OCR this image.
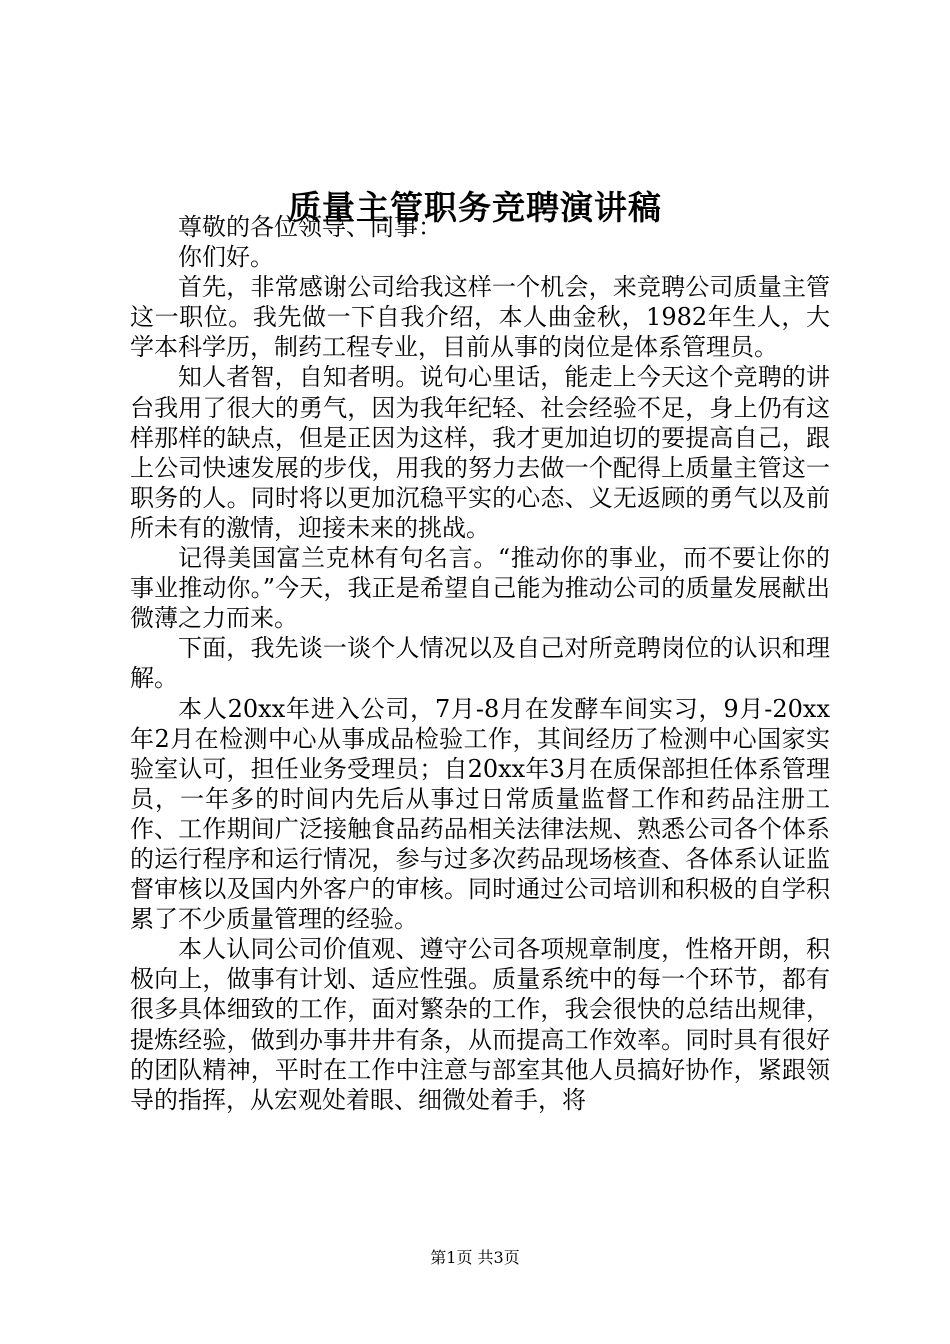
质量主管职务竞聘演讲稿

尊敬的各位领导、同事：

你们好。

首先，非常感谢公司给我这样一个机会，来竞聘公司质量主管这一职位。我先做一下自我介绍，本人曲金秋，1982年生人，大学本科学历，制药工程专业，目前从事的岗位是体系管理员。

知人者智，自知者明。说句心里话，能走上今天这个竞聘的讲台我用了很大的勇气，因为我年纪轻、社会经验不足，身上仍有这样那样的缺点，但是正因为这样，我才更加迫切的要提高自己，跟上公司快速发展的步伐，用我的努力去做一个配得上质量主管这一职务的人。同时将以更加沉稳平实的心态、义无返顾的勇气以及前所未有的激情，迎接未来的挑战。

记得美国富兰克林有句名言。“推动你的事业，而不要让你的事业推动你。”今天，我正是希望自己能为推动公司的质量发展献出微薄之力而来。

下面，我先谈一谈个人情况以及自己对所竞聘岗位的认识和理解。

本人20xx年进入公司，7月-8月在发酵车间实习，9月-20xx年2月在检测中心从事成品检验工作，其间经历了检测中心国家实验室认可，担任业务受理员；自20xx年3月在质保部担任体系管理员，一年多的时间内先后从事过日常质量监督工作和药品注册工作、工作期间广泛接触食品药品相关法律法规、熟悉公司各个体系的运行程序和运行情况，参与过多次药品现场核查、各体系认证监督审核以及国内外客户的审核。同时通过公司培训和积极的自学积累了不少质量管理的经验。

本人认同公司价值观、遵守公司各项规章制度，性格开朗，积极向上，做事有计划、适应性强。质量系统中的每一个环节，都有很多具体细致的工作，面对繁杂的工作，我会很快的总结出规律，提炼经验，做到办事井井有条，从而提高工作效率。同时具有很好的团队精神，平时在工作中注意与部室其他人员搞好协作，紧跟领导的指挥，从宏观处着眼、细微处着手，将

第1页 共3页
